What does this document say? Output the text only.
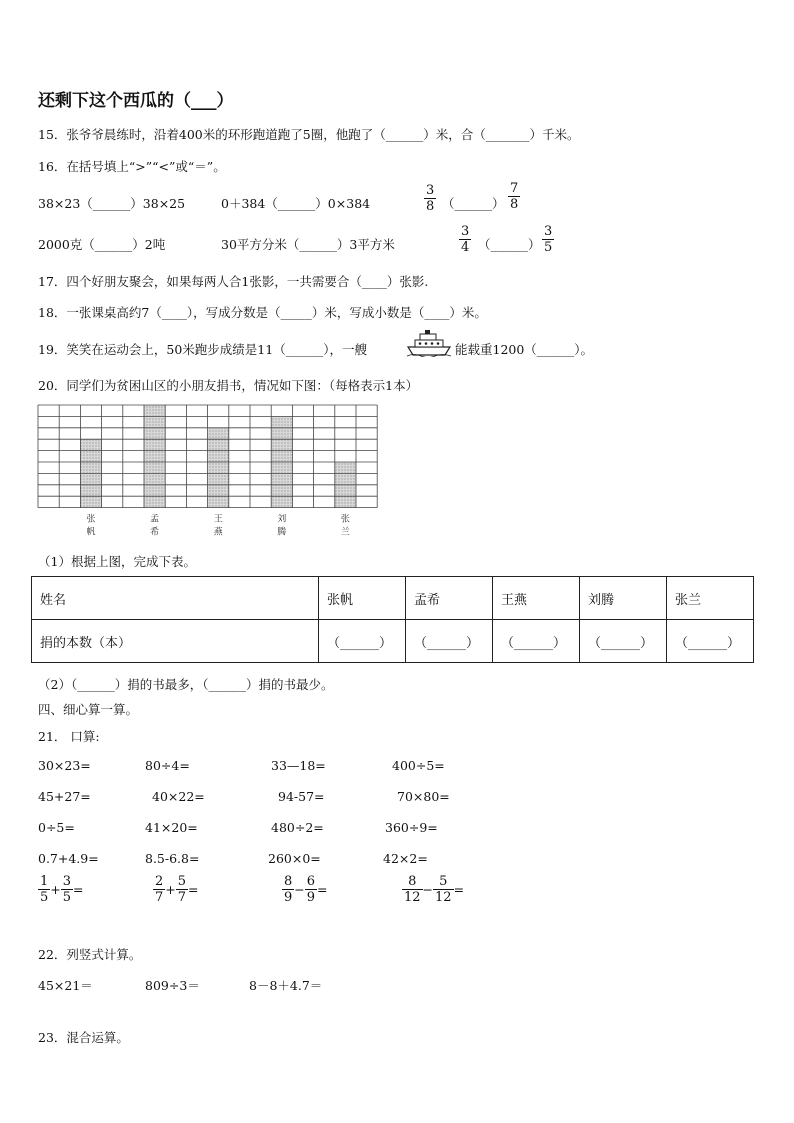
还剩下这个西瓜的（___）
15．张爷爷晨练时，沿着400米的环形跑道跑了5圈，他跑了（______）米，合（_______）千米。
16．在括号填上“>”“<”或“＝”。
38×23（______）38×25	0＋384（______）0×384	$\frac{3}{8}$ （______） $\frac{7}{8}$
2000克（______）2吨	30平方分米（______）3平方米	$\frac{3}{4}$ （______） $\frac{3}{5}$
17．四个好朋友聚会，如果每两人合1张影，一共需要合（____）张影.
18．一张课桌高约7（____），写成分数是（_____）米，写成小数是（____）米。
19．笑笑在运动会上，50米跑步成绩是11（______），一艘	能载重1200（______）。
20．同学们为贫困山区的小朋友捐书，情况如下图：（每格表示1本）
张帆
孟希
王燕
刘腾
张兰
（1）根据上图，完成下表。
姓名	张帆	孟希	王燕	刘腾	张兰
捐的本数（本）	（______）	（______）	（______）	（______）	（______）
（2）（______）捐的书最多，（______）捐的书最少。
四、细心算一算。
21． 口算:
30×23=	80÷4=	33—18=	400÷5=
45+27=	40×22=	94-57=	70×80=
0÷5=	41×20=	480÷2=	360÷9=
0.7+4.9=	8.5-6.8=	260×0=	42×2=
$\frac{1}{5} + \frac{3}{5}$ =	$\frac{2}{7} + \frac{5}{7}$ =	$\frac{8}{9} - \frac{6}{9}$ =	$\frac{8}{12} - \frac{5}{12}$ =
22．列竖式计算。
45×21＝	809÷3＝	8－8＋4.7＝
23．混合运算。
